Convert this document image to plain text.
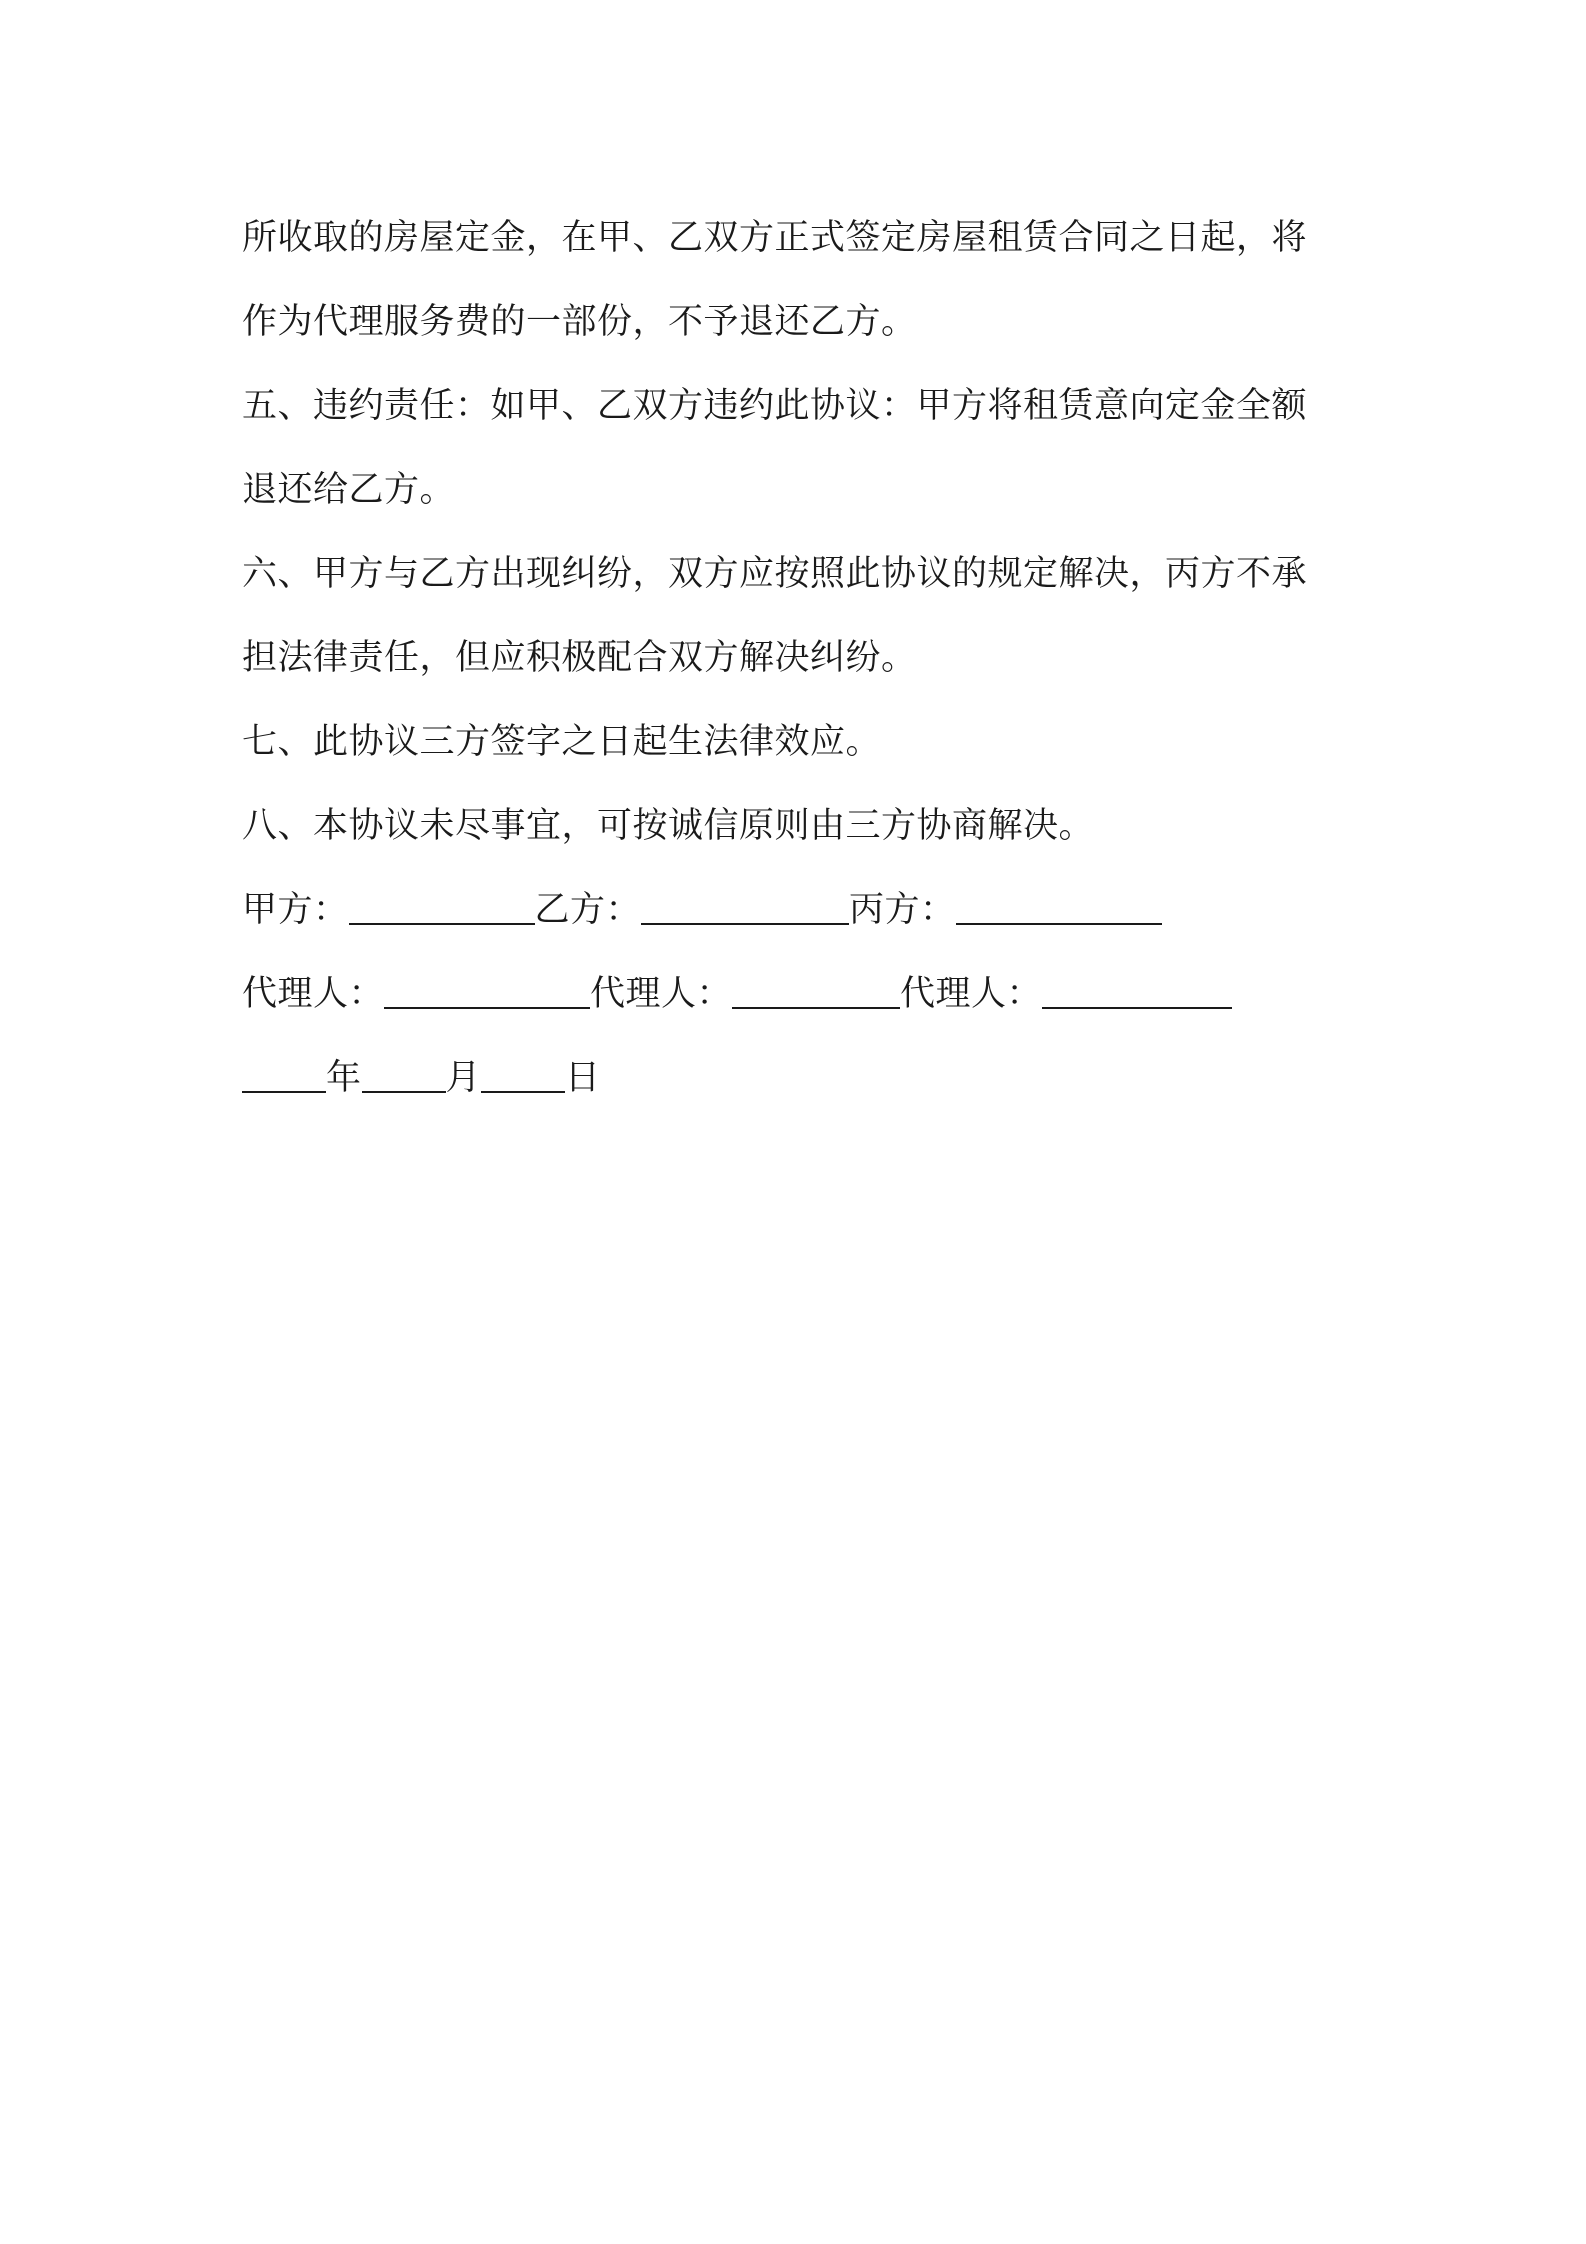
所收取的房屋定金，在甲、乙双方正式签定房屋租赁合同之日起，将
作为代理服务费的一部份，不予退还乙方。
五、违约责任：如甲、乙双方违约此协议：甲方将租赁意向定金全额
退还给乙方。
六、甲方与乙方出现纠纷，双方应按照此协议的规定解决，丙方不承
担法律责任，但应积极配合双方解决纠纷。
七、此协议三方签字之日起生法律效应。
八、本协议未尽事宜，可按诚信原则由三方协商解决。
甲方：	乙方：	丙方：
代理人：	代理人：	代理人：
年 月 日
